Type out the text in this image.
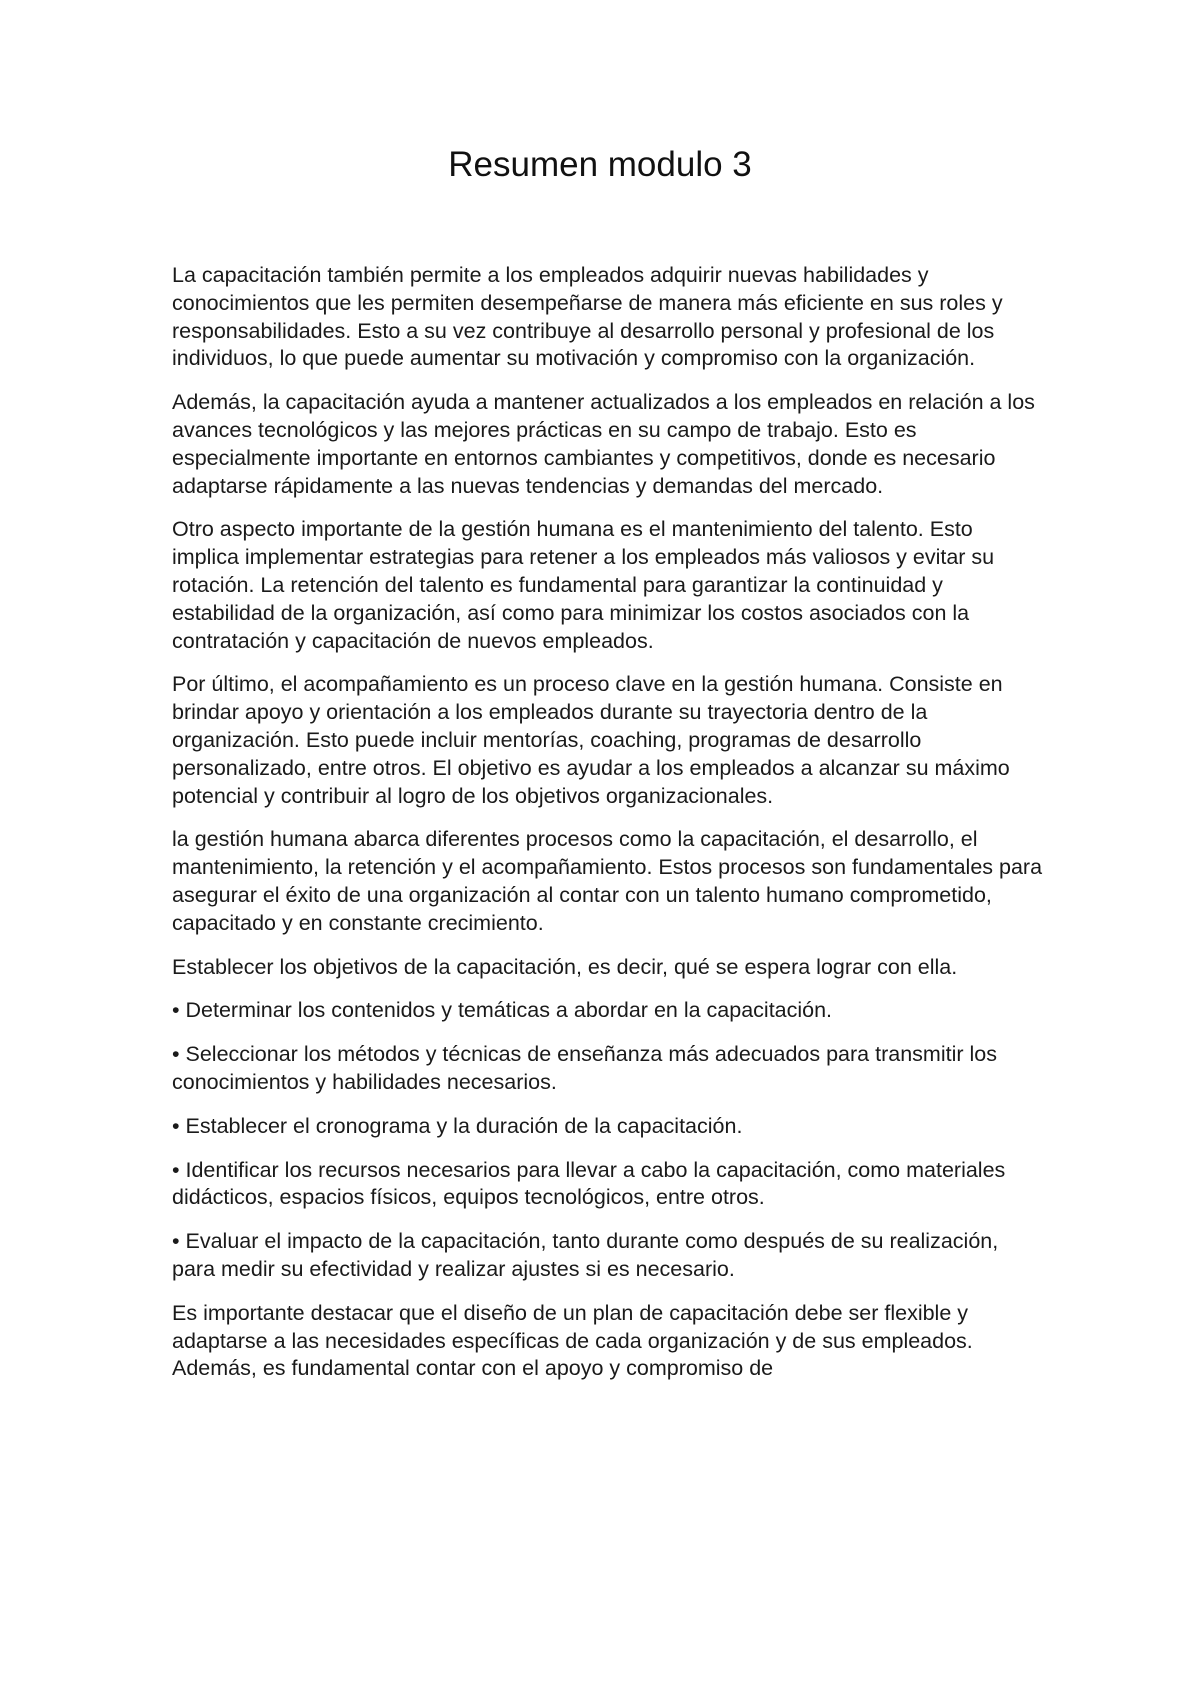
Resumen modulo 3

La capacitación también permite a los empleados adquirir nuevas habilidades y conocimientos que les permiten desempeñarse de manera más eficiente en sus roles y responsabilidades. Esto a su vez contribuye al desarrollo personal y profesional de los individuos, lo que puede aumentar su motivación y compromiso con la organización.

Además, la capacitación ayuda a mantener actualizados a los empleados en relación a los avances tecnológicos y las mejores prácticas en su campo de trabajo. Esto es especialmente importante en entornos cambiantes y competitivos, donde es necesario adaptarse rápidamente a las nuevas tendencias y demandas del mercado.

Otro aspecto importante de la gestión humana es el mantenimiento del talento. Esto implica implementar estrategias para retener a los empleados más valiosos y evitar su rotación. La retención del talento es fundamental para garantizar la continuidad y estabilidad de la organización, así como para minimizar los costos asociados con la contratación y capacitación de nuevos empleados.

Por último, el acompañamiento es un proceso clave en la gestión humana. Consiste en brindar apoyo y orientación a los empleados durante su trayectoria dentro de la organización. Esto puede incluir mentorías, coaching, programas de desarrollo personalizado, entre otros. El objetivo es ayudar a los empleados a alcanzar su máximo potencial y contribuir al logro de los objetivos organizacionales.

la gestión humana abarca diferentes procesos como la capacitación, el desarrollo, el mantenimiento, la retención y el acompañamiento. Estos procesos son fundamentales para asegurar el éxito de una organización al contar con un talento humano comprometido, capacitado y en constante crecimiento.

Establecer los objetivos de la capacitación, es decir, qué se espera lograr con ella.

• Determinar los contenidos y temáticas a abordar en la capacitación.

• Seleccionar los métodos y técnicas de enseñanza más adecuados para transmitir los conocimientos y habilidades necesarios.

• Establecer el cronograma y la duración de la capacitación.

• Identificar los recursos necesarios para llevar a cabo la capacitación, como materiales didácticos, espacios físicos, equipos tecnológicos, entre otros.

• Evaluar el impacto de la capacitación, tanto durante como después de su realización, para medir su efectividad y realizar ajustes si es necesario.

Es importante destacar que el diseño de un plan de capacitación debe ser flexible y adaptarse a las necesidades específicas de cada organización y de sus empleados. Además, es fundamental contar con el apoyo y compromiso de
